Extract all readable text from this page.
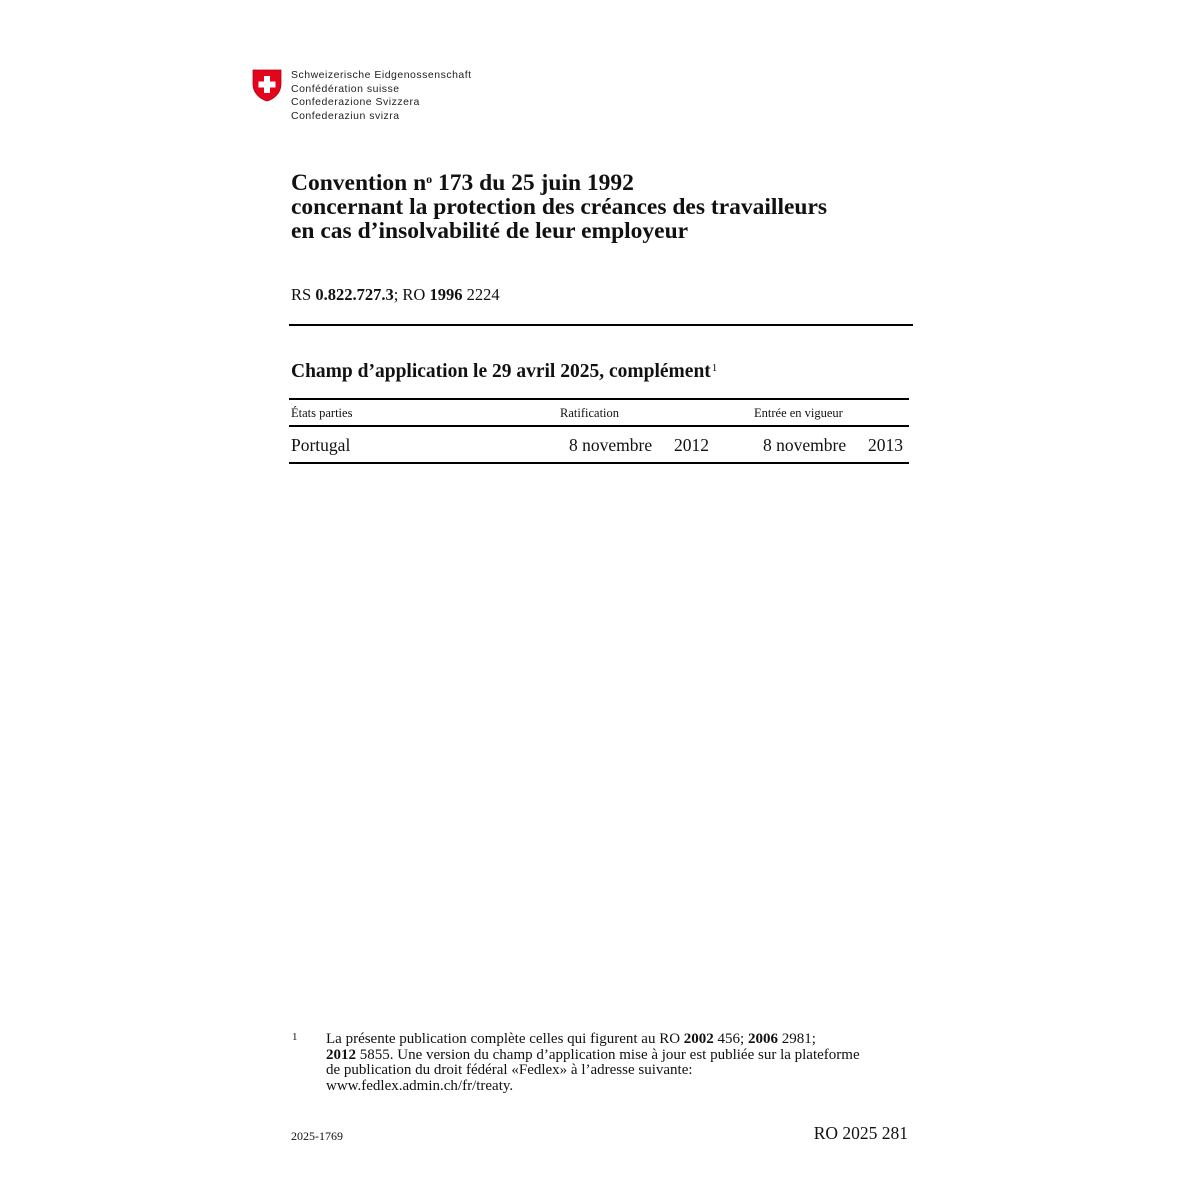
Schweizerische Eidgenossenschaft
Confédération suisse
Confederazione Svizzera
Confederaziun svizra
Convention $n^o$ 173 du 25 juin 1992
concernant la protection des créances des travailleurs
en cas d’insolvabilité de leur employeur
RS 0.822.727.3; RO 1996 2224
Champ d’application le 29 avril 2025, complément$^1$
États parties	Ratification	Entrée en vigueur
Portugal	8 novembre 2012	8 novembre 2013
1 La présente publication complète celles qui figurent au RO 2002 456; 2006 2981;
2012 5855. Une version du champ d’application mise à jour est publiée sur la plateforme
de publication du droit fédéral «Fedlex» à l’adresse suivante:
www.fedlex.admin.ch/fr/treaty.
2025-1769	RO 2025 281
